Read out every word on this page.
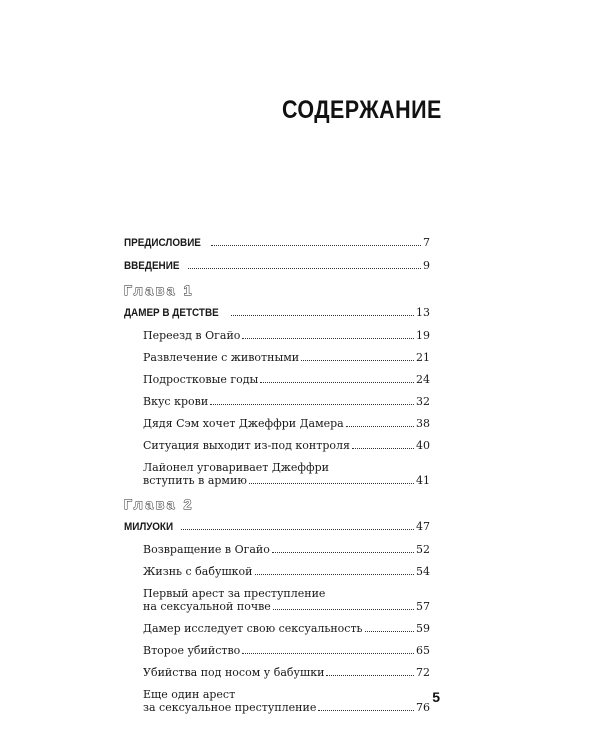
СОДЕРЖАНИЕ
ПРЕДИСЛОВИЕ	7
ВВЕДЕНИЕ	9
Глава 1
ДАМЕР В ДЕТСТВЕ	13
Переезд в Огайо	19
Развлечение с животными	21
Подростковые годы	24
Вкус крови	32
Дядя Сэм хочет Джеффри Дамера	38
Ситуация выходит из-под контроля	40
Лайонел уговаривает Джеффри
вступить в армию	41
Глава 2
МИЛУОКИ	47
Возвращение в Огайо	52
Жизнь с бабушкой	54
Первый арест за преступление
на сексуальной почве	57
Дамер исследует свою сексуальность	59
Второе убийство	65
Убийства под носом у бабушки	72
Еще один арест
за сексуальное преступление	76
5
